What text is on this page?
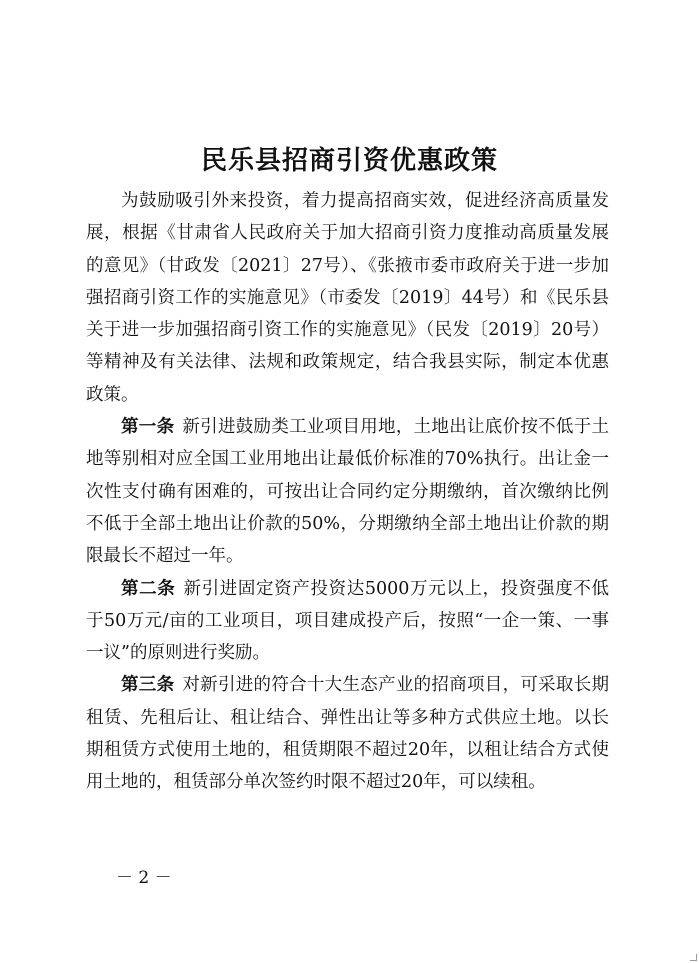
民乐县招商引资优惠政策

为鼓励吸引外来投资，着力提高招商实效，促进经济高质量发展，根据《甘肃省人民政府关于加大招商引资力度推动高质量发展的意见》（甘政发〔2021〕27号）、《张掖市委市政府关于进一步加强招商引资工作的实施意见》（市委发〔2019〕44号）和《民乐县关于进一步加强招商引资工作的实施意见》（民发〔2019〕20号）等精神及有关法律、法规和政策规定，结合我县实际，制定本优惠政策。

第一条 新引进鼓励类工业项目用地，土地出让底价按不低于土地等别相对应全国工业用地出让最低价标准的70%执行。出让金一次性支付确有困难的，可按出让合同约定分期缴纳，首次缴纳比例不低于全部土地出让价款的50%，分期缴纳全部土地出让价款的期限最长不超过一年。

第二条 新引进固定资产投资达5000万元以上，投资强度不低于50万元/亩的工业项目，项目建成投产后，按照“一企一策、一事一议”的原则进行奖励。

第三条 对新引进的符合十大生态产业的招商项目，可采取长期租赁、先租后让、租让结合、弹性出让等多种方式供应土地。以长期租赁方式使用土地的，租赁期限不超过20年，以租让结合方式使用土地的，租赁部分单次签约时限不超过20年，可以续租。

－ 2 －
